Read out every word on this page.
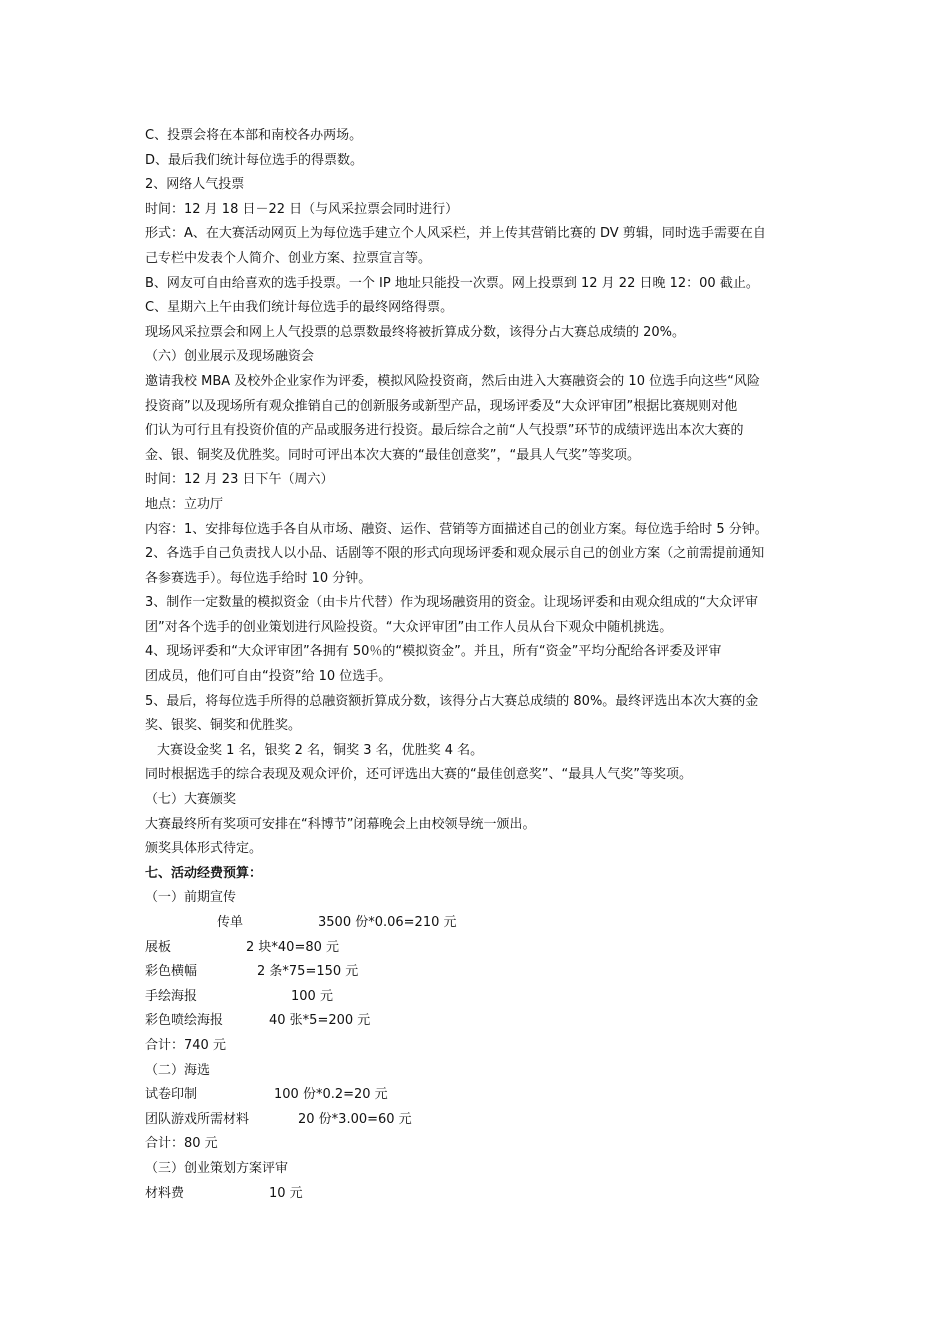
C、投票会将在本部和南校各办两场。
D、最后我们统计每位选手的得票数。
2、网络人气投票
时间：12 月 18 日－22 日（与风采拉票会同时进行）
形式：A、在大赛活动网页上为每位选手建立个人风采栏，并上传其营销比赛的 DV 剪辑，同时选手需要在自
己专栏中发表个人简介、创业方案、拉票宣言等。
B、网友可自由给喜欢的选手投票。一个 IP 地址只能投一次票。网上投票到 12 月 22 日晚 12：00 截止。
C、星期六上午由我们统计每位选手的最终网络得票。
现场风采拉票会和网上人气投票的总票数最终将被折算成分数，该得分占大赛总成绩的 20%。
（六）创业展示及现场融资会
邀请我校 MBA 及校外企业家作为评委，模拟风险投资商，然后由进入大赛融资会的 10 位选手向这些“风险
投资商”以及现场所有观众推销自己的创新服务或新型产品，现场评委及“大众评审团”根据比赛规则对他
们认为可行且有投资价值的产品或服务进行投资。最后综合之前“人气投票”环节的成绩评选出本次大赛的
金、银、铜奖及优胜奖。同时可评出本次大赛的“最佳创意奖”，“最具人气奖”等奖项。
时间：12 月 23 日下午（周六）
地点：立功厅
内容：1、安排每位选手各自从市场、融资、运作、营销等方面描述自己的创业方案。每位选手给时 5 分钟。
2、各选手自己负责找人以小品、话剧等不限的形式向现场评委和观众展示自己的创业方案（之前需提前通知
各参赛选手）。每位选手给时 10 分钟。
3、制作一定数量的模拟资金（由卡片代替）作为现场融资用的资金。让现场评委和由观众组成的“大众评审
团”对各个选手的创业策划进行风险投资。“大众评审团”由工作人员从台下观众中随机挑选。
4、现场评委和“大众评审团”各拥有 50％的“模拟资金”。并且，所有“资金”平均分配给各评委及评审
团成员，他们可自由“投资”给 10 位选手。
5、最后，将每位选手所得的总融资额折算成分数，该得分占大赛总成绩的 80%。最终评选出本次大赛的金
奖、银奖、铜奖和优胜奖。
大赛设金奖 1 名，银奖 2 名，铜奖 3 名，优胜奖 4 名。
同时根据选手的综合表现及观众评价，还可评选出大赛的“最佳创意奖”、“最具人气奖”等奖项。
（七）大赛颁奖
大赛最终所有奖项可安排在“科博节”闭幕晚会上由校领导统一颁出。
颁奖具体形式待定。
七、活动经费预算：
（一）前期宣传
传单	3500 份*0.06=210 元
展板	2 块*40=80 元
彩色横幅	2 条*75=150 元
手绘海报	100 元
彩色喷绘海报	40 张*5=200 元
合计：740 元
（二）海选
试卷印制	100 份*0.2=20 元
团队游戏所需材料	20 份*3.00=60 元
合计：80 元
（三）创业策划方案评审
材料费	10 元
